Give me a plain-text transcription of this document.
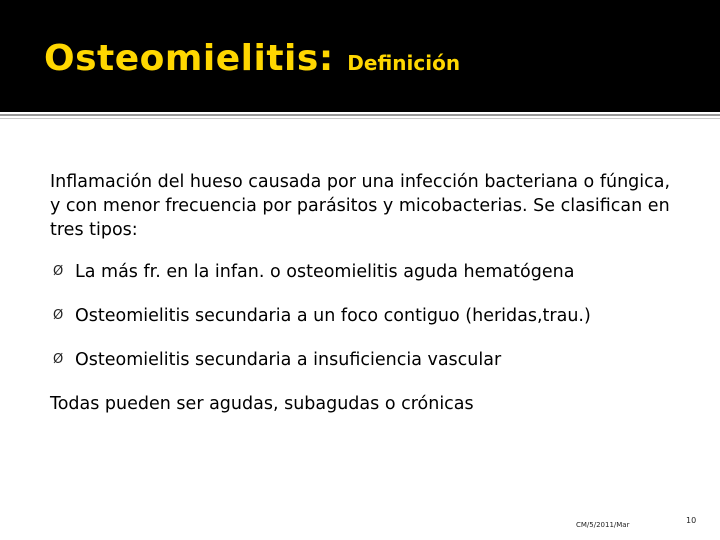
Osteomielitis: Definición

Inflamación del hueso causada por una infección bacteriana o fúngica, y con menor frecuencia por parásitos y micobacterias. Se clasifican en tres tipos:

Ø La más fr. en la infan. o osteomielitis aguda hematógena
Ø Osteomielitis secundaria a un foco contiguo (heridas,trau.)
Ø Osteomielitis secundaria a insuficiencia vascular

Todas pueden ser agudas, subagudas o crónicas

CM/5/2011/Mar	10
